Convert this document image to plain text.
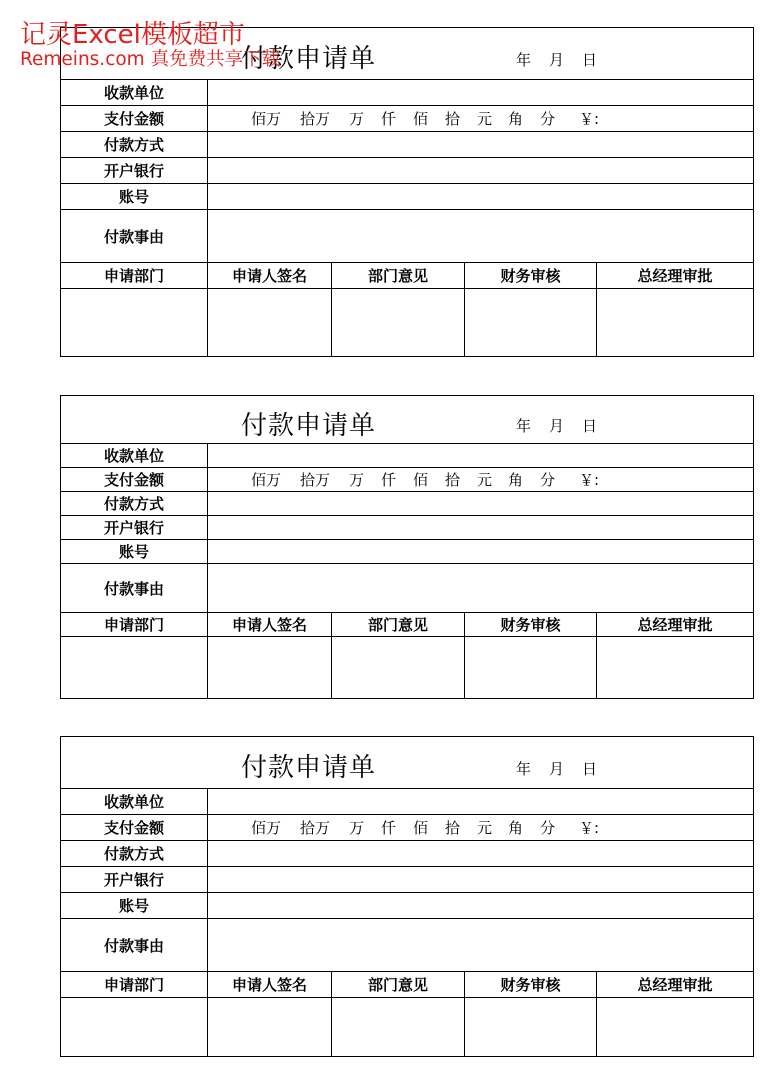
记灵Excel模板超市
Remeins.com 真免费共享下载
付款申请单	年 月 日
收款单位
支付金额	佰万	拾万	万	仟	佰	拾	元	角	分	￥:
付款方式
开户银行
账号
付款事由
申请部门	申请人签名	部门意见	财务审核	总经理审批
付款申请单	年 月 日
收款单位
支付金额	佰万	拾万	万	仟	佰	拾	元	角	分	￥:
付款方式
开户银行
账号
付款事由
申请部门	申请人签名	部门意见	财务审核	总经理审批
付款申请单	年 月 日
收款单位
支付金额	佰万	拾万	万	仟	佰	拾	元	角	分	￥:
付款方式
开户银行
账号
付款事由
申请部门	申请人签名	部门意见	财务审核	总经理审批
